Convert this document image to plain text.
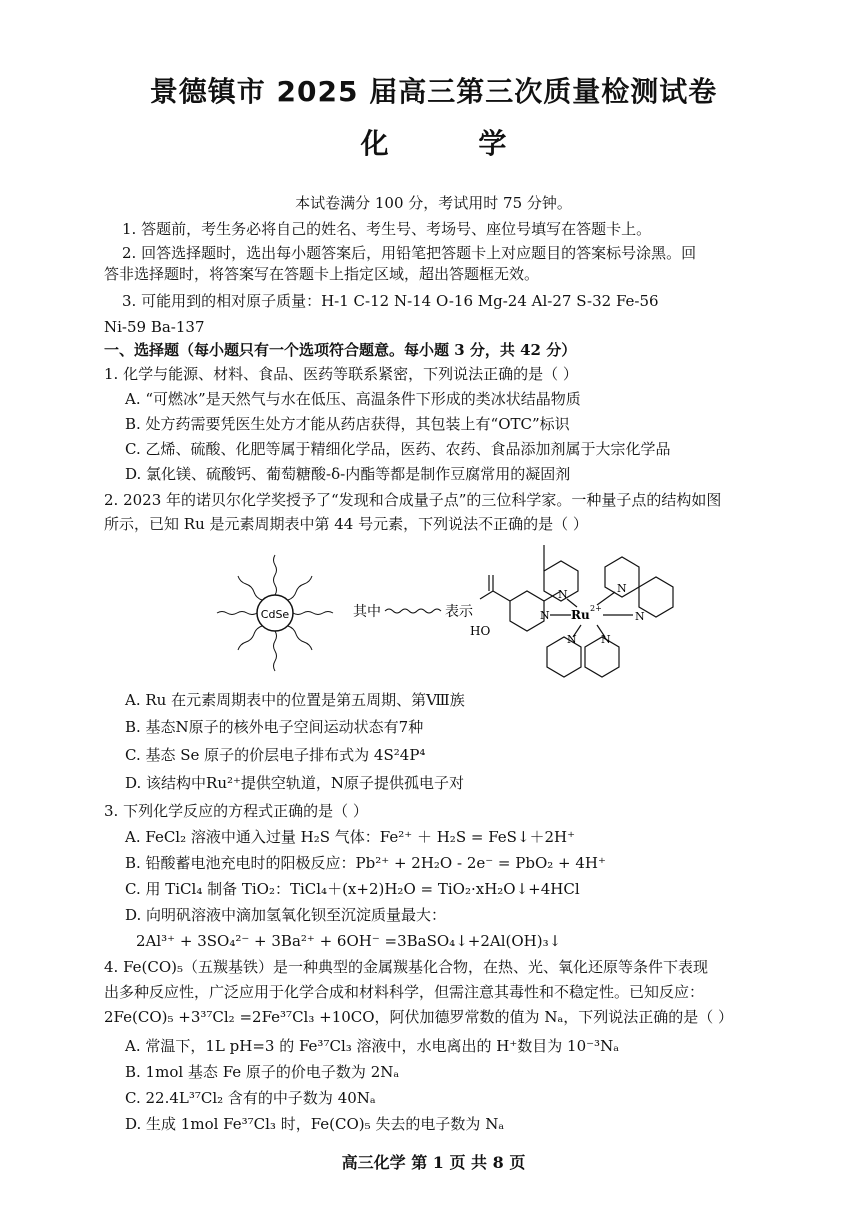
景德镇市 2025 届高三第三次质量检测试卷
化 学
本试卷满分 100 分，考试用时 75 分钟。
1. 答题前，考生务必将自己的姓名、考生号、考场号、座位号填写在答题卡上。
2. 回答选择题时，选出每小题答案后，用铅笔把答题卡上对应题目的答案标号涂黑。回
答非选择题时，将答案写在答题卡上指定区域，超出答题框无效。
3. 可能用到的相对原子质量：H-1 C-12 N-14 O-16 Mg-24 Al-27 S-32 Fe-56
Ni-59 Ba-137
一、选择题（每小题只有一个选项符合题意。每小题 3 分，共 42 分）
1. 化学与能源、材料、食品、医药等联系紧密，下列说法正确的是（ ）
A. “可燃冰”是天然气与水在低压、高温条件下形成的类冰状结晶物质
B. 处方药需要凭医生处方才能从药店获得，其包装上有“OTC”标识
C. 乙烯、硫酸、化肥等属于精细化学品，医药、农药、食品添加剂属于大宗化学品
D. 氯化镁、硫酸钙、葡萄糖酸-δ-内酯等都是制作豆腐常用的凝固剂
2. 2023 年的诺贝尔化学奖授予了“发现和合成量子点”的三位科学家。一种量子点的结构如图
所示，已知 Ru 是元素周期表中第 44 号元素，下列说法不正确的是（ ）
CdSe	其中	表示
HO
Ru 2+
N
N	N
N
N N
A. Ru 在元素周期表中的位置是第五周期、第Ⅷ族
B. 基态N原子的核外电子空间运动状态有7种
C. 基态 Se 原子的价层电子排布式为 4S²4P⁴
D. 该结构中Ru²⁺提供空轨道，N原子提供孤电子对
3. 下列化学反应的方程式正确的是（ ）
A. FeCl₂ 溶液中通入过量 H₂S 气体：Fe²⁺ ＋ H₂S = FeS↓＋2H⁺
B. 铅酸蓄电池充电时的阳极反应：Pb²⁺ + 2H₂O - 2e⁻ = PbO₂ + 4H⁺
C. 用 TiCl₄ 制备 TiO₂：TiCl₄＋(x+2)H₂O = TiO₂·xH₂O↓+4HCl
D. 向明矾溶液中滴加氢氧化钡至沉淀质量最大：
2Al³⁺ + 3SO₄²⁻ + 3Ba²⁺ + 6OH⁻ =3BaSO₄↓+2Al(OH)₃↓
4. Fe(CO)₅（五羰基铁）是一种典型的金属羰基化合物，在热、光、氧化还原等条件下表现
出多种反应性，广泛应用于化学合成和材料科学，但需注意其毒性和不稳定性。已知反应：
2Fe(CO)₅ +3³⁷Cl₂ =2Fe³⁷Cl₃ +10CO，阿伏加德罗常数的值为 Nₐ，下列说法正确的是（ ）
A. 常温下，1L pH=3 的 Fe³⁷Cl₃ 溶液中，水电离出的 H⁺数目为 10⁻³Nₐ
B. 1mol 基态 Fe 原子的价电子数为 2Nₐ
C. 22.4L³⁷Cl₂ 含有的中子数为 40Nₐ
D. 生成 1mol Fe³⁷Cl₃ 时，Fe(CO)₅ 失去的电子数为 Nₐ
高三化学 第 1 页 共 8 页
